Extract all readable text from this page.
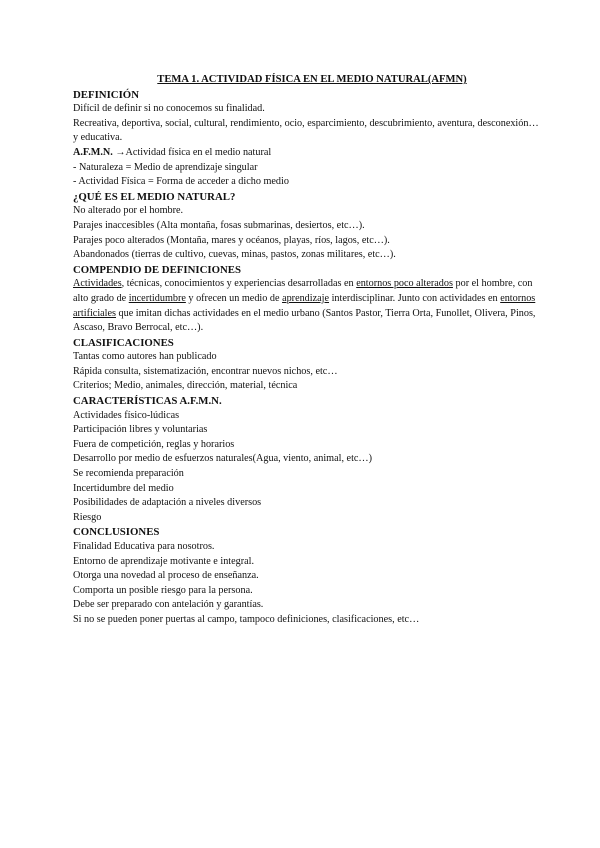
TEMA 1. ACTIVIDAD FÍSICA EN EL MEDIO NATURAL(AFMN)

DEFINICIÓN

Difícil de definir si no conocemos su finalidad.

Recreativa, deportiva, social, cultural, rendimiento, ocio, esparcimiento, descubrimiento, aventura, desconexión… y educativa.

A.F.M.N. →Actividad física en el medio natural

- Naturaleza = Medio de aprendizaje singular

- Actividad Física = Forma de acceder a dicho medio

¿QUÉ ES EL MEDIO NATURAL?

No alterado por el hombre.

Parajes inaccesibles (Alta montaña, fosas submarinas, desiertos, etc…).

Parajes poco alterados (Montaña, mares y océanos, playas, ríos, lagos, etc…).

Abandonados (tierras de cultivo, cuevas, minas, pastos, zonas militares, etc…).

COMPENDIO DE DEFINICIONES

Actividades, técnicas, conocimientos y experiencias desarrolladas en entornos poco alterados por el hombre, con alto grado de incertidumbre y ofrecen un medio de aprendizaje interdisciplinar. Junto con actividades en entornos artificiales que imitan dichas actividades en el medio urbano (Santos Pastor, Tierra Orta, Funollet, Olivera, Pinos, Ascaso, Bravo Berrocal, etc…).

CLASIFICACIONES

Tantas como autores han publicado

Rápida consulta, sistematización, encontrar nuevos nichos, etc…

Criterios; Medio, animales, dirección, material, técnica

CARACTERÍSTICAS A.F.M.N.

Actividades físico-lúdicas

Participación libres y voluntarias

Fuera de competición, reglas y horarios

Desarrollo por medio de esfuerzos naturales(Agua, viento, animal, etc…)

Se recomienda preparación

Incertidumbre del medio

Posibilidades de adaptación a niveles diversos

Riesgo

CONCLUSIONES

Finalidad Educativa para nosotros.

Entorno de aprendizaje motivante e integral.

Otorga una novedad al proceso de enseñanza.

Comporta un posible riesgo para la persona.

Debe ser preparado con antelación y garantías.

Si no se pueden poner puertas al campo, tampoco definiciones, clasificaciones, etc…
